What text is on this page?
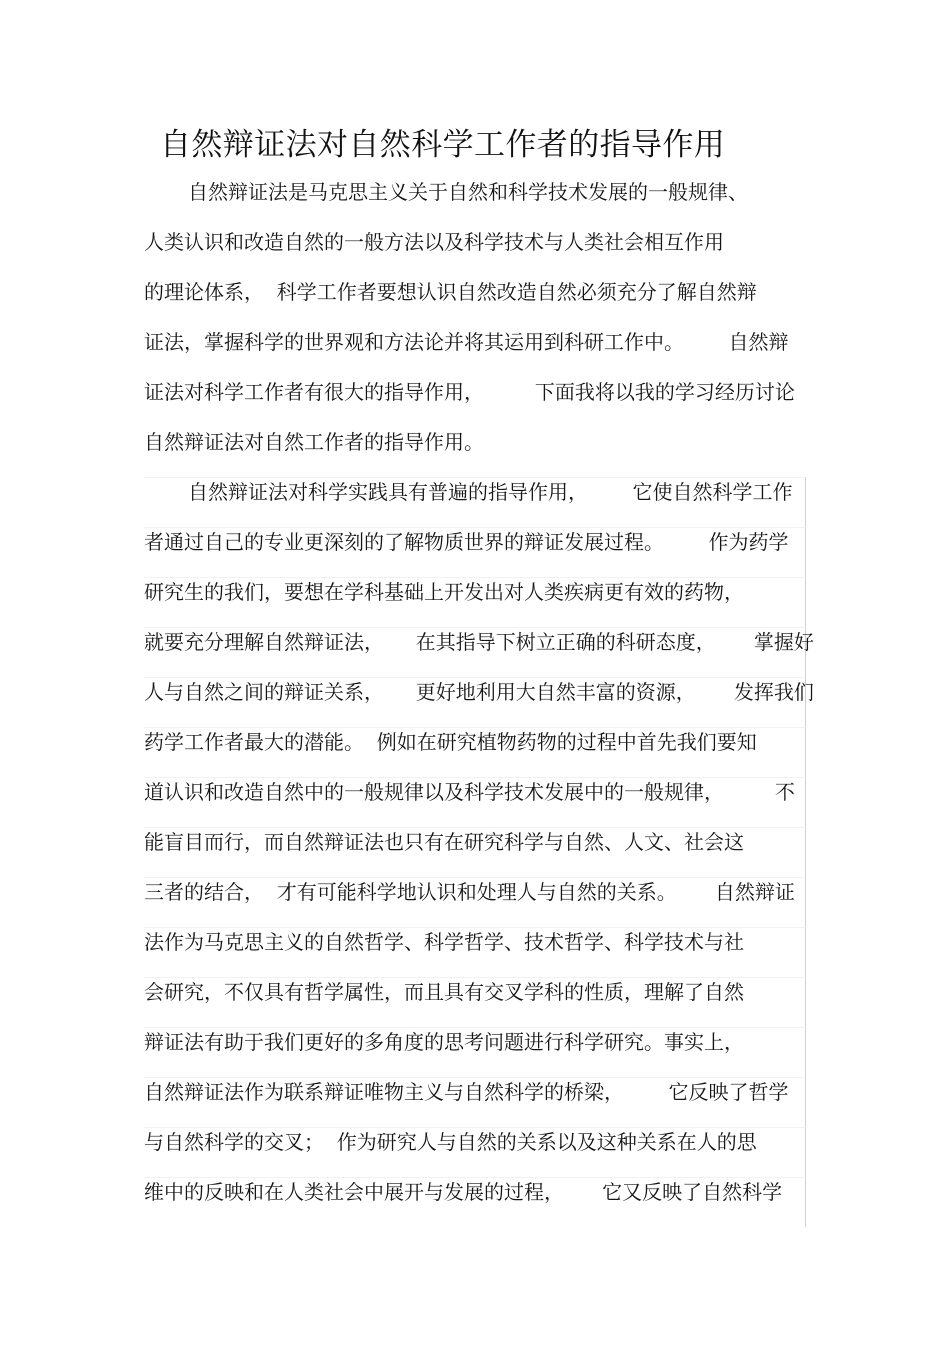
自然辩证法对自然科学工作者的指导作用
自然辩证法是马克思主义关于自然和科学技术发展的一般规律、
人类认识和改造自然的一般方法以及科学技术与人类社会相互作用
的理论体系，  科学工作者要想认识自然改造自然必须充分了解自然辩
证法，掌握科学的世界观和方法论并将其运用到科研工作中。       自然辩
证法对科学工作者有很大的指导作用，        下面我将以我的学习经历讨论
自然辩证法对自然工作者的指导作用。
自然辩证法对科学实践具有普遍的指导作用，       它使自然科学工作
者通过自己的专业更深刻的了解物质世界的辩证发展过程。       作为药学
研究生的我们，要想在学科基础上开发出对人类疾病更有效的药物，
就要充分理解自然辩证法，     在其指导下树立正确的科研态度，      掌握好
人与自然之间的辩证关系，     更好地利用大自然丰富的资源，      发挥我们
药学工作者最大的潜能。  例如在研究植物药物的过程中首先我们要知
道认识和改造自然中的一般规律以及科学技术发展中的一般规律，        不
能盲目而行，而自然辩证法也只有在研究科学与自然、人文、社会这
三者的结合，  才有可能科学地认识和处理人与自然的关系。      自然辩证
法作为马克思主义的自然哲学、科学哲学、技术哲学、科学技术与社
会研究，不仅具有哲学属性，而且具有交叉学科的性质，理解了自然
辩证法有助于我们更好的多角度的思考问题进行科学研究。事实上，
自然辩证法作为联系辩证唯物主义与自然科学的桥梁，       它反映了哲学
与自然科学的交叉；  作为研究人与自然的关系以及这种关系在人的思
维中的反映和在人类社会中展开与发展的过程，      它又反映了自然科学
